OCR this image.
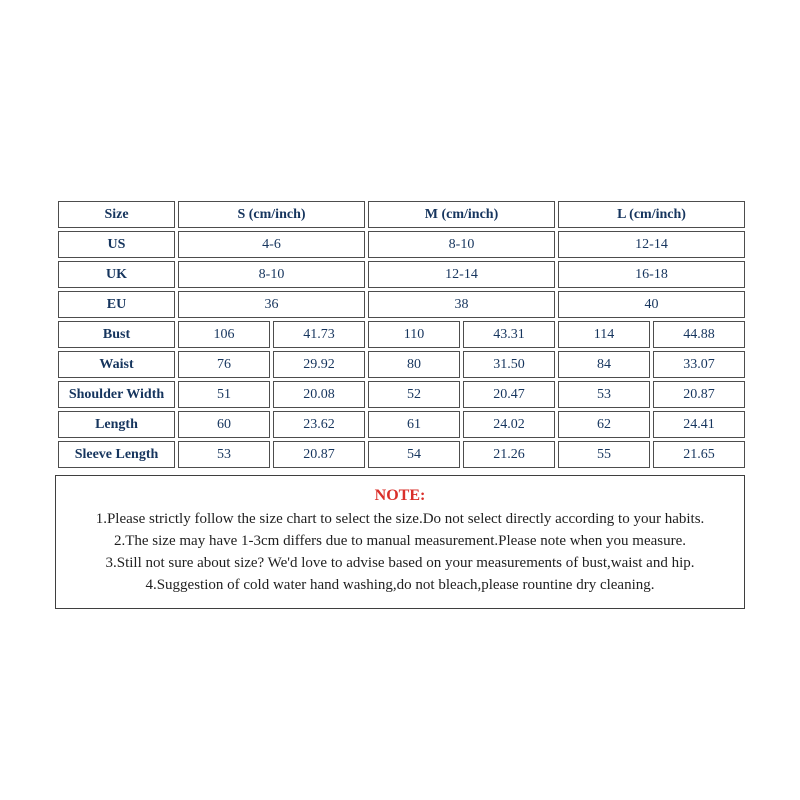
Size	S (cm/inch)		M (cm/inch)		L (cm/inch)	
US	4-6		8-10		12-14	
UK	8-10		12-14		16-18	
EU	36		38		40	
Bust	106	41.73	110	43.31	114	44.88
Waist	76	29.92	80	31.50	84	33.07
Shoulder Width	51	20.08	52	20.47	53	20.87
Length	60	23.62	61	24.02	62	24.41
Sleeve Length	53	20.87	54	21.26	55	21.65
NOTE:
1.Please strictly follow the size chart to select the size.Do not select directly according to your habits.
2.The size may have 1-3cm differs due to manual measurement.Please note when you measure.
3.Still not sure about size? We'd love to advise based on your measurements of bust,waist and hip.
4.Suggestion of cold water hand washing,do not bleach,please rountine dry cleaning.
